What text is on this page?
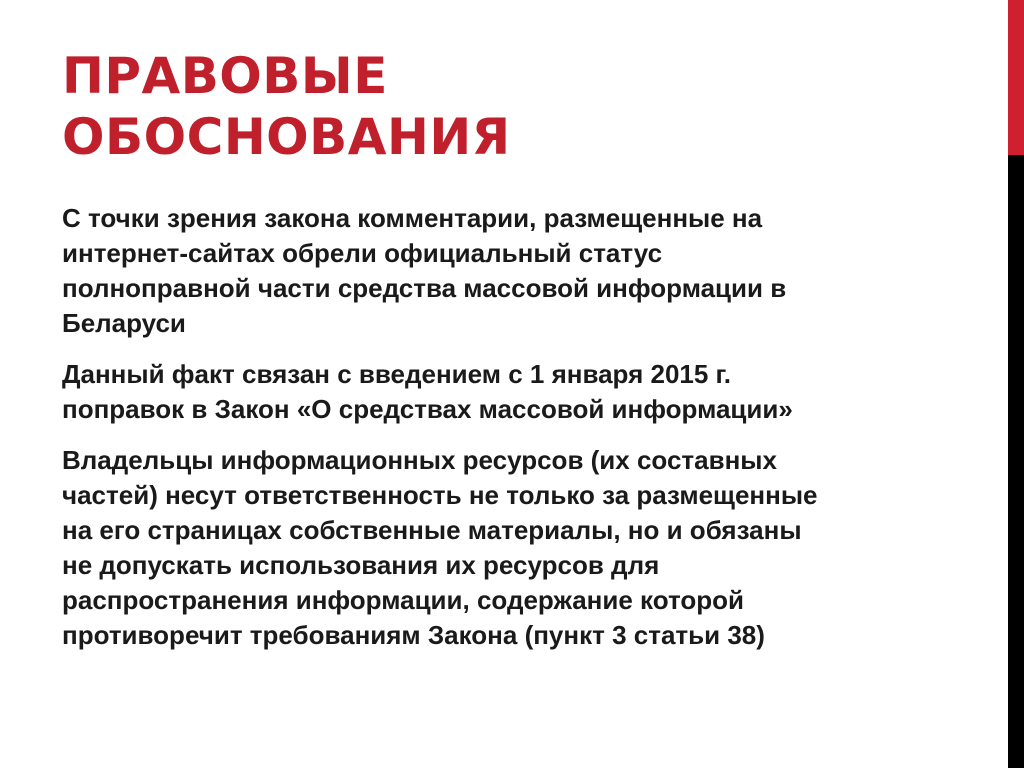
ПРАВОВЫЕ
ОБОСНОВАНИЯ

С точки зрения закона комментарии, размещенные на
интернет-сайтах обрели официальный статус
полноправной части средства массовой информации в
Беларуси

Данный факт связан с введением с 1 января 2015 г.
поправок в Закон «О средствах массовой информации»

Владельцы информационных ресурсов (их составных
частей) несут ответственность не только за размещенные
на его страницах собственные материалы, но и обязаны
не допускать использования их ресурсов для
распространения информации, содержание которой
противоречит требованиям Закона (пункт 3 статьи 38)
